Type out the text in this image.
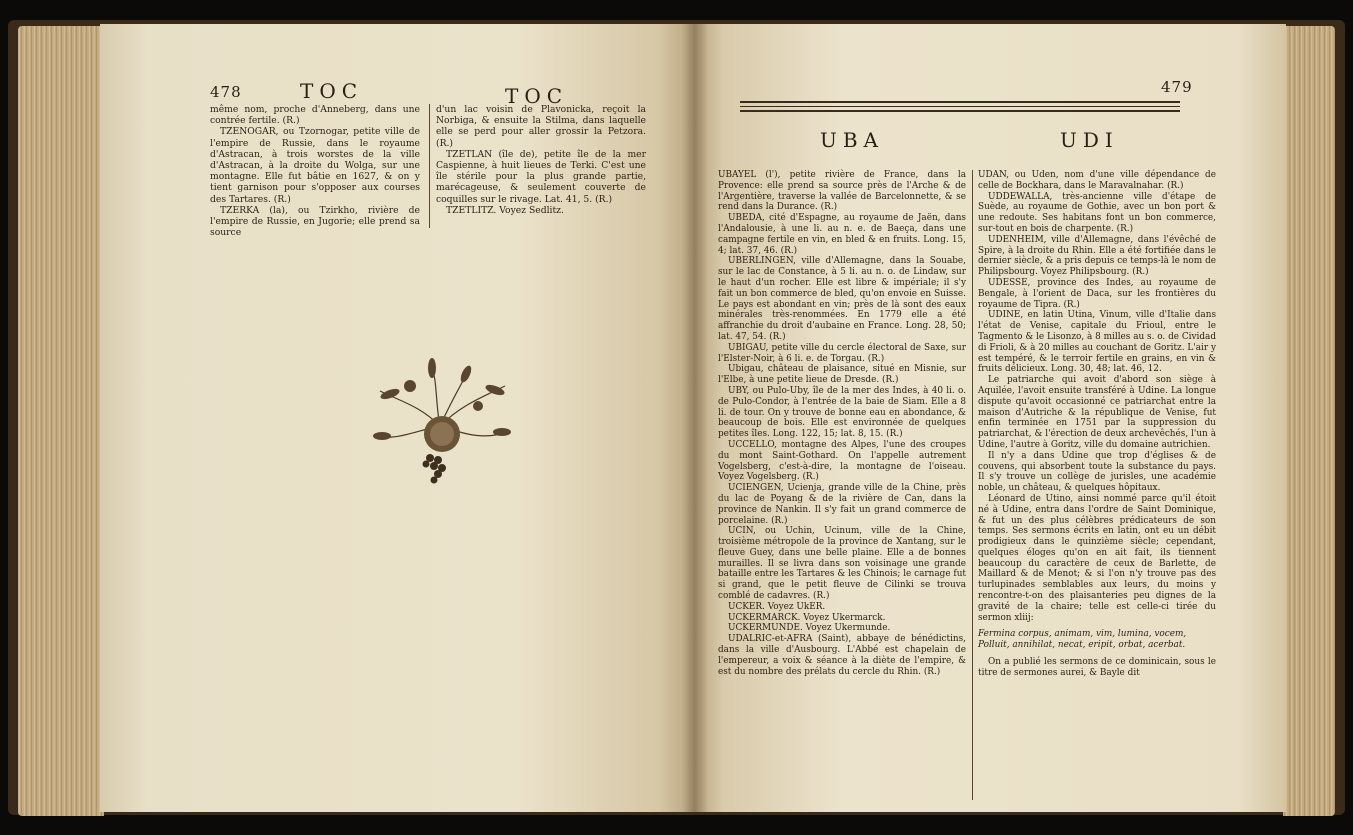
478	TOC	TOC

même nom, proche d'Anneberg, dans une contrée fertile. (R.)

TZENOGAR, ou Tzornogar, petite ville de l'empire de Russie, dans le royaume d'Astracan, à trois worstes de la ville d'Astracan, à la droite du Wolga, sur une montagne. Elle fut bâtie en 1627, & on y tient garnison pour s'opposer aux courses des Tartares. (R.)

TZERKA (la), ou Tzirkho, rivière de l'empire de Russie, en Jugorie; elle prend sa source

d'un lac voisin de Plavonicka, reçoit la Norbiga, & ensuite la Stilma, dans laquelle elle se perd pour aller grossir la Petzora. (R.)

TZETLAN (île de), petite île de la mer Caspienne, à huit lieues de Terki. C'est une île stérile pour la plus grande partie, marécageuse, & seulement couverte de coquilles sur le rivage. Lat. 41, 5. (R.)

TZETLITZ. Voyez Sedlitz.

479

UBA	UDI

UBAYEL (l'), petite rivière de France, dans la Provence: elle prend sa source près de l'Arche & de l'Argentière, traverse la vallée de Barcelonnette, & se rend dans la Durance. (R.)

UBEDA, cité d'Espagne, au royaume de Jaën, dans l'Andalousie, à une li. au n. e. de Baeça, dans une campagne fertile en vin, en bled & en fruits. Long. 15, 4; lat. 37, 46. (R.)

UBERLINGEN, ville d'Allemagne, dans la Souabe, sur le lac de Constance, à 5 li. au n. o. de Lindaw, sur le haut d'un rocher. Elle est libre & impériale; il s'y fait un bon commerce de bled, qu'on envoie en Suisse. Le pays est abondant en vin; près de là sont des eaux minérales très-renommées. En 1779 elle a été affranchie du droit d'aubaine en France. Long. 28, 50; lat. 47, 54. (R.)

UBIGAU, petite ville du cercle électoral de Saxe, sur l'Elster-Noir, à 6 li. e. de Torgau. (R.)

Ubigau, château de plaisance, situé en Misnie, sur l'Elbe, à une petite lieue de Dresde. (R.)

UBY, ou Pulo-Uby, île de la mer des Indes, à 40 li. o. de Pulo-Condor, à l'entrée de la baie de Siam. Elle a 8 li. de tour. On y trouve de bonne eau en abondance, & beaucoup de bois. Elle est environnée de quelques petites îles. Long. 122, 15; lat. 8, 15. (R.)

UCCELLO, montagne des Alpes, l'une des croupes du mont Saint-Gothard. On l'appelle autrement Vogelsberg, c'est-à-dire, la montagne de l'oiseau. Voyez Vogelsberg. (R.)

UCIENGEN, Ucienja, grande ville de la Chine, près du lac de Poyang & de la rivière de Can, dans la province de Nankin. Il s'y fait un grand commerce de porcelaine. (R.)

UCIN, ou Uchin, Ucinum, ville de la Chine, troisième métropole de la province de Xantang, sur le fleuve Guey, dans une belle plaine. Elle a de bonnes murailles. Il se livra dans son voisinage une grande bataille entre les Tartares & les Chinois; le carnage fut si grand, que le petit fleuve de Cilinki se trouva comblé de cadavres. (R.)

UCKER. Voyez UkER.

UCKERMARCK. Voyez Ukermarck.

UCKERMUNDE. Voyez Ukermunde.

UDALRIC-et-AFRA (Saint), abbaye de bénédictins, dans la ville d'Ausbourg. L'Abbé est chapelain de l'empereur, a voix & séance à la diète de l'empire, & est du nombre des prélats du cercle du Rhin. (R.)

UDAN, ou Uden, nom d'une ville dépendance de celle de Bockhara, dans le Maravalnahar. (R.)

UDDEWALLA, très-ancienne ville d'étape de Suède, au royaume de Gothie, avec un bon port & une redoute. Ses habitans font un bon commerce, sur-tout en bois de charpente. (R.)

UDENHEIM, ville d'Allemagne, dans l'évêché de Spire, à la droite du Rhin. Elle a été fortifiée dans le dernier siècle, & a pris depuis ce temps-là le nom de Philipsbourg. Voyez Philipsbourg. (R.)

UDESSE, province des Indes, au royaume de Bengale, à l'orient de Daca, sur les frontières du royaume de Tipra. (R.)

UDINE, en latin Utina, Vinum, ville d'Italie dans l'état de Venise, capitale du Frioul, entre le Tagmento & le Lisonzo, à 8 milles au s. o. de Cividad di Frioli, & à 20 milles au couchant de Goritz. L'air y est tempéré, & le terroir fertile en grains, en vin & fruits délicieux. Long. 30, 48; lat. 46, 12.

Le patriarche qui avoit d'abord son siège à Aquilée, l'avoit ensuite transféré à Udine. La longue dispute qu'avoit occasionné ce patriarchat entre la maison d'Autriche & la république de Venise, fut enfin terminée en 1751 par la suppression du patriarchat, & l'érection de deux archevêchés, l'un à Udine, l'autre à Goritz, ville du domaine autrichien.

Il n'y a dans Udine que trop d'églises & de couvens, qui absorbent toute la substance du pays. Il s'y trouve un collège de jurisles, une académie noble, un château, & quelques hôpitaux.

Léonard de Utino, ainsi nommé parce qu'il étoit né à Udine, entra dans l'ordre de Saint Dominique, & fut un des plus célèbres prédicateurs de son temps. Ses sermons écrits en latin, ont eu un débit prodigieux dans le quinzième siècle; cependant, quelques éloges qu'on en ait fait, ils tiennent beaucoup du caractère de ceux de Barlette, de Maillard & de Menot; & si l'on n'y trouve pas des turlupinades semblables aux leurs, du moins y rencontre-t-on des plaisanteries peu dignes de la gravité de la chaire; telle est celle-ci tirée du sermon xliij:

Fermina corpus, animam, vim, lumina, vocem,

Polluit, annihilat, necat, eripit, orbat, acerbat.

On a publié les sermons de ce dominicain, sous le titre de sermones aurei, & Bayle dit
